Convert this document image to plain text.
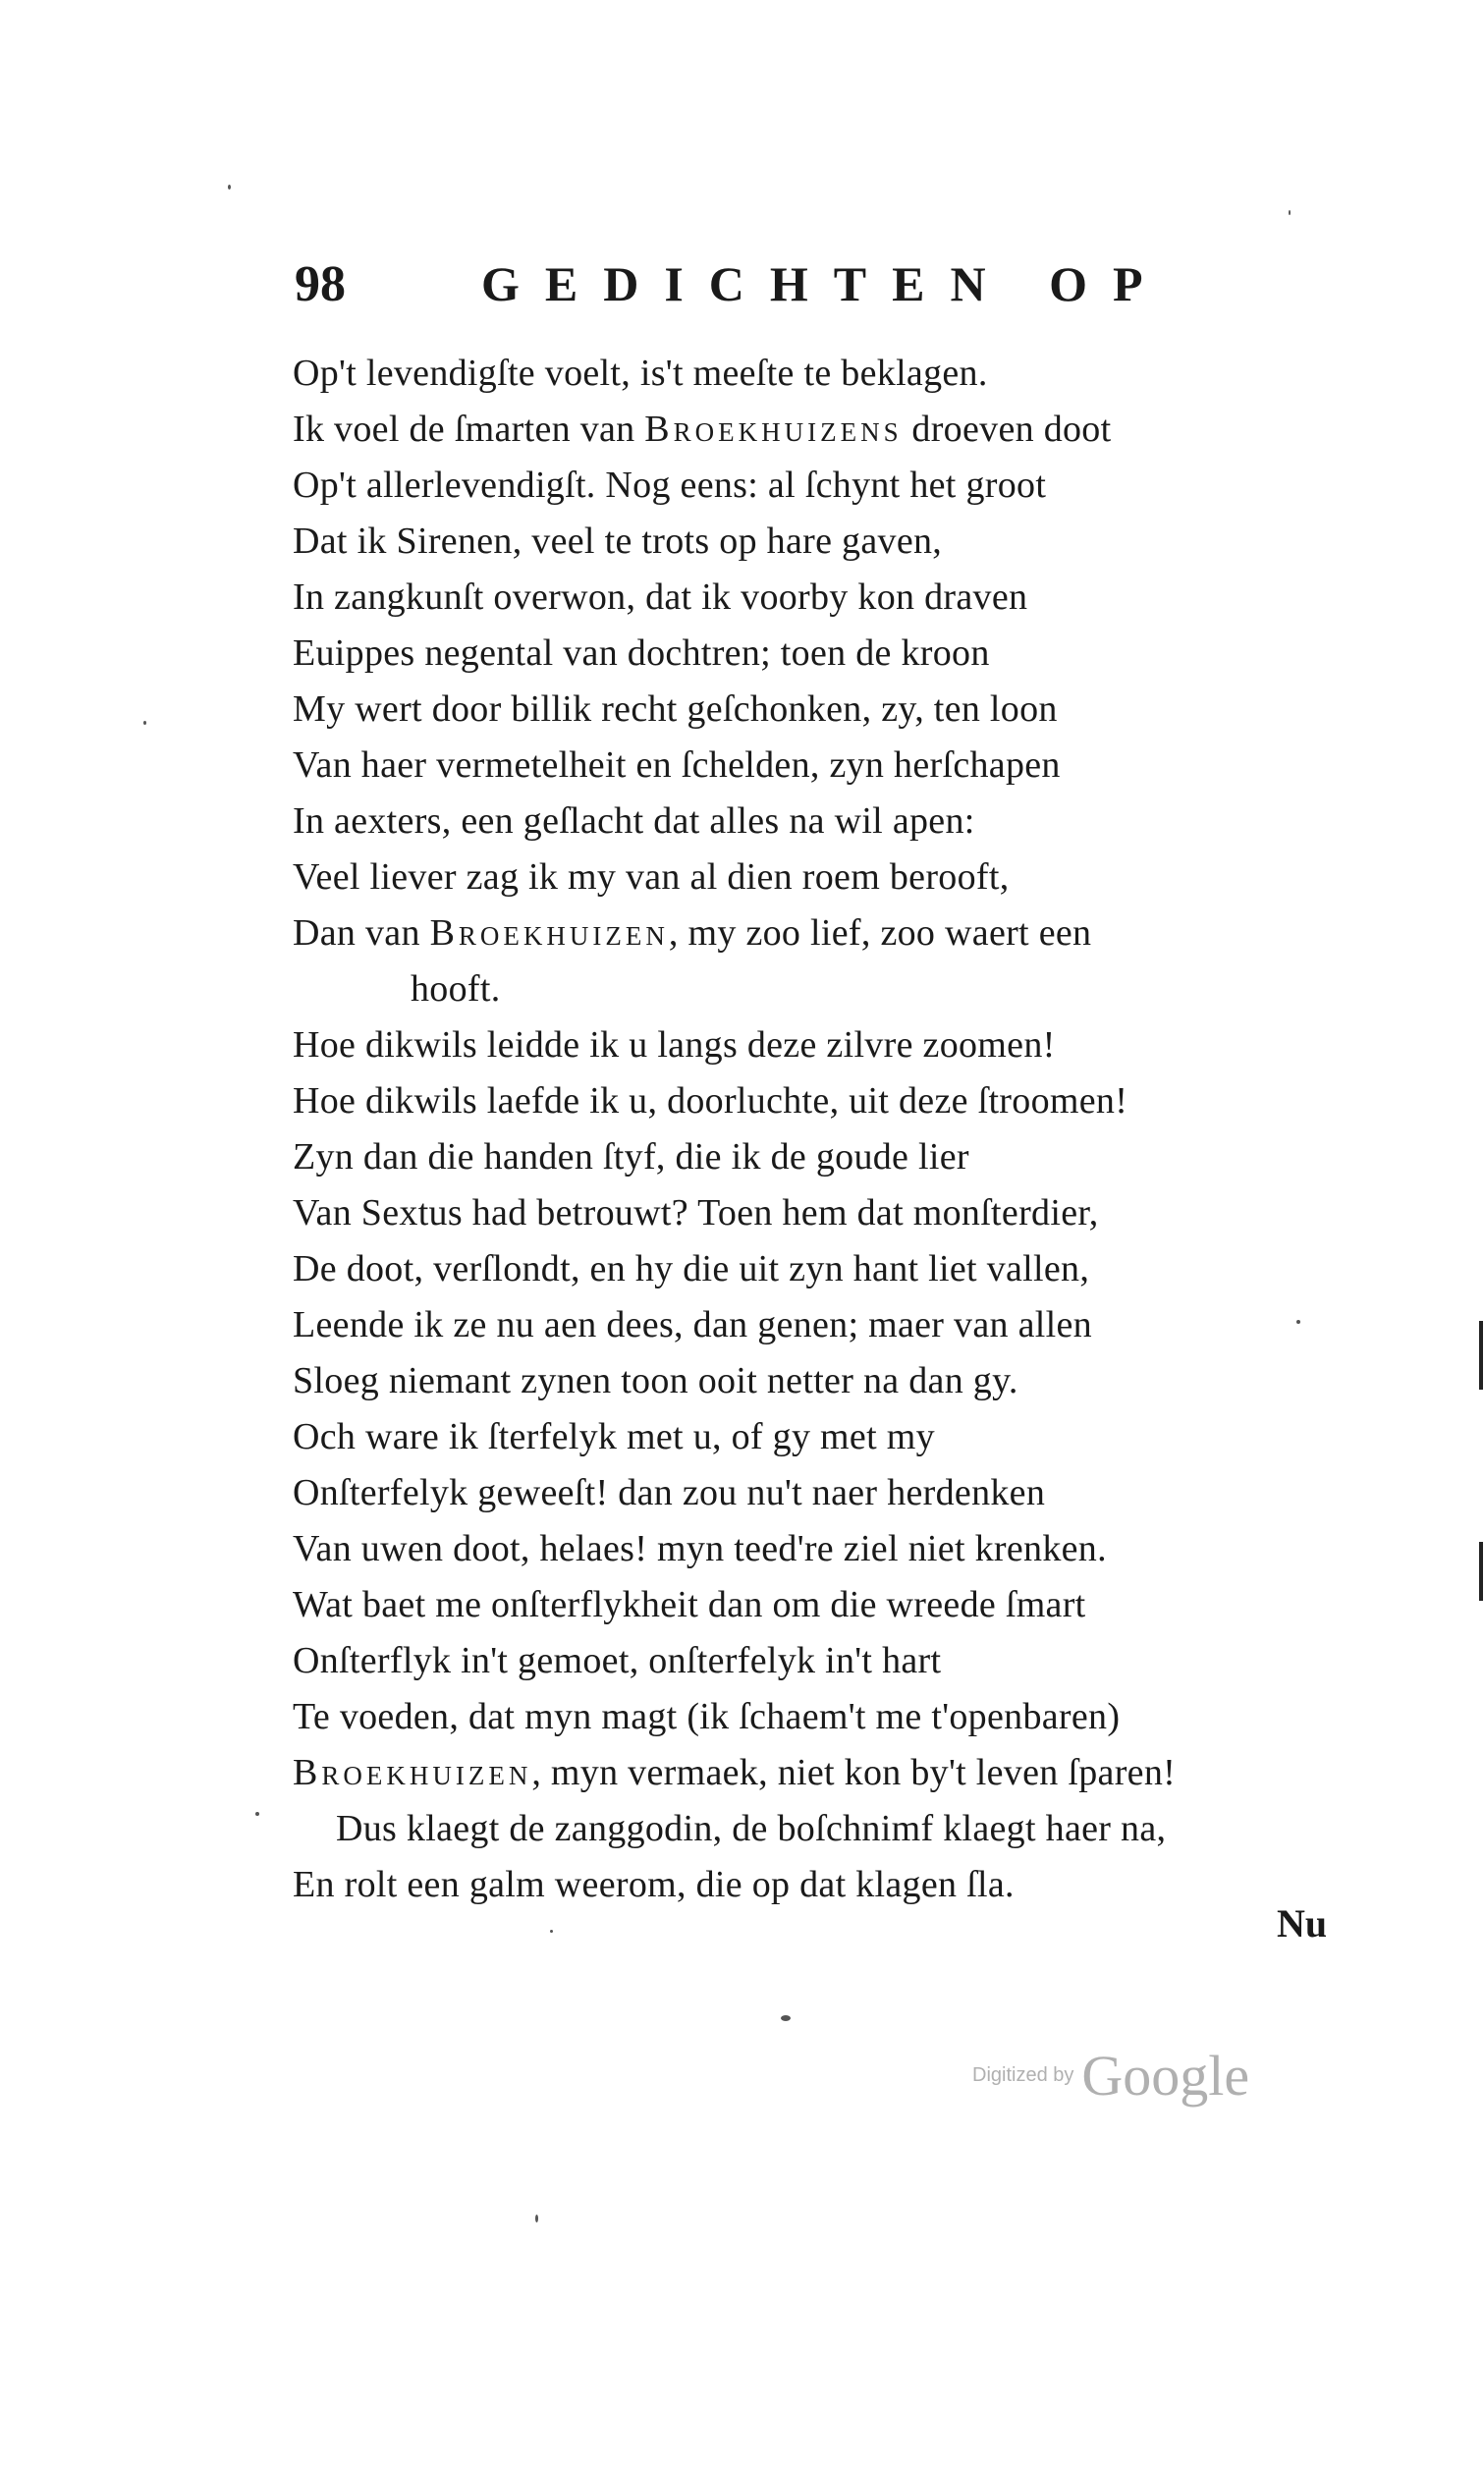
98	GEDICHTEN OP
Op't levendigſte voelt, is't meeſte te beklagen.
Ik voel de ſmarten van Broekhuizens droeven doot
Op't allerlevendigſt. Nog eens: al ſchynt het groot
Dat ik Sirenen, veel te trots op hare gaven,
In zangkunſt overwon, dat ik voorby kon draven
Euippes negental van dochtren; toen de kroon
My wert door billik recht geſchonken, zy, ten loon
Van haer vermetelheit en ſchelden, zyn herſchapen
In aexters, een geſlacht dat alles na wil apen:
Veel liever zag ik my van al dien roem berooft,
Dan van Broekhuizen, my zoo lief, zoo waert een
hooft.
Hoe dikwils leidde ik u langs deze zilvre zoomen!
Hoe dikwils laefde ik u, doorluchte, uit deze ſtroomen!
Zyn dan die handen ſtyf, die ik de goude lier
Van Sextus had betrouwt? Toen hem dat monſterdier,
De doot, verſlondt, en hy die uit zyn hant liet vallen,
Leende ik ze nu aen dees, dan genen; maer van allen
Sloeg niemant zynen toon ooit netter na dan gy.
Och ware ik ſterfelyk met u, of gy met my
Onſterfelyk geweeſt! dan zou nu't naer herdenken
Van uwen doot, helaes! myn teed're ziel niet krenken.
Wat baet me onſterflykheit dan om die wreede ſmart
Onſterflyk in't gemoet, onſterfelyk in't hart
Te voeden, dat myn magt (ik ſchaem't me t'openbaren)
Broekhuizen, myn vermaek, niet kon by't leven ſparen!
Dus klaegt de zanggodin, de boſchnimf klaegt haer na,
En rolt een galm weerom, die op dat klagen ſla.
Nu
Digitized by Google
